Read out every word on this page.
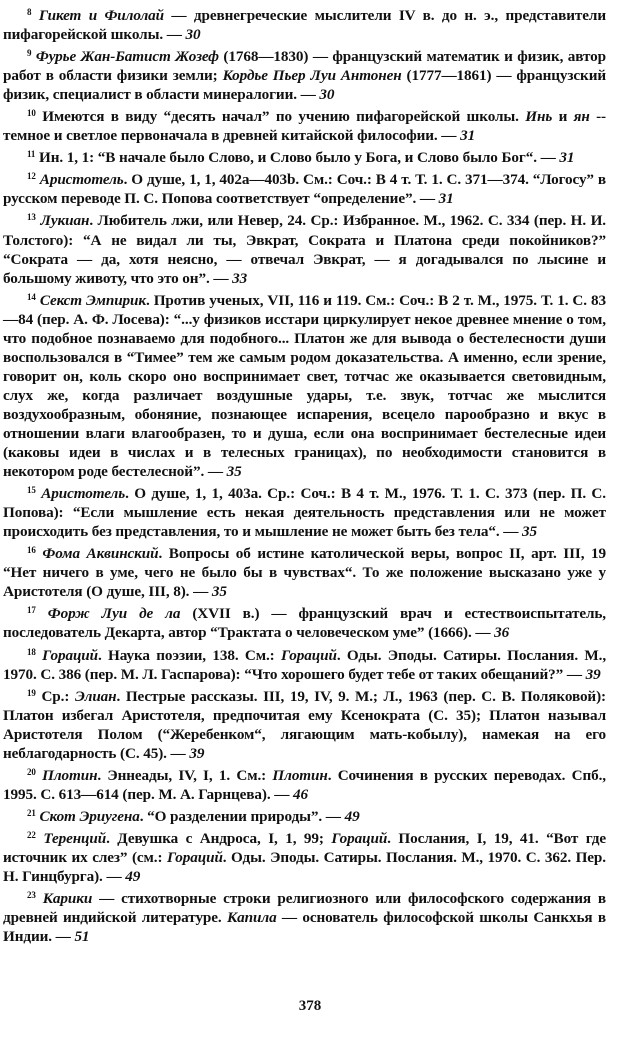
$^8$ Гикет и Филолай — древнегреческие мыслители IV в. до н. э., представители пифагорейской школы. — 30

$^9$ Фурье Жан-Батист Жозеф (1768—1830) — французский математик и физик, автор работ в области физики земли; Кордье Пьер Луи Антонен (1777—1861) — французский физик, специалист в области минералогии. — 30

$^{10}$ Имеются в виду “десять начал” по учению пифагорейской школы. Инь и ян -- темное и светлое первоначала в древней китайской философии. — 31

$^{11}$ Ин. 1, 1: “В начале было Слово, и Слово было у Бога, и Слово было Бог“. — 31

$^{12}$ Аристотель. О душе, 1, 1, 402а—403b. См.: Соч.: В 4 т. Т. 1. С. 371—374. “Логосу” в русском переводе П. С. Попова соответствует “определение”. — 31

$^{13}$ Лукиан. Любитель лжи, или Невер, 24. Ср.: Избранное. М., 1962. С. 334 (пер. Н. И. Толстого): “А не видал ли ты, Эвкрат, Сократа и Платона среди покойников?” “Сократа — да, хотя неясно, — отвечал Эвкрат, — я догадывался по лысине и большому животу, что это он”. — 33

$^{14}$ Секст Эмпирик. Против ученых, VII, 116 и 119. См.: Соч.: В 2 т. М., 1975. Т. 1. С. 83—84 (пер. А. Ф. Лосева): “...у физиков исстари циркулирует некое древнее мнение о том, что подобное познаваемо для подобного... Платон же для вывода о бестелесности души воспользовался в “Тимее” тем же самым родом доказательства. А именно, если зрение, говорит он, коль скоро оно воспринимает свет, тотчас же оказывается световидным, слух же, когда различает воздушные удары, т.е. звук, тотчас же мыслится воздухообразным, обоняние, познающее испарения, всецело парообразно и вкус в отношении влаги влагообразен, то и душа, если она воспринимает бестелесные идеи (каковы идеи в числах и в телесных границах), по необходимости становится в некотором роде бестелесной”. — 35

$^{15}$ Аристотель. О душе, 1, 1, 403а. Ср.: Соч.: В 4 т. М., 1976. Т. 1. С. 373 (пер. П. С. Попова): “Если мышление есть некая деятельность представления или не может происходить без представления, то и мышление не может быть без тела“. — 35

$^{16}$ Фома Аквинский. Вопросы об истине католической веры, вопрос II, арт. III, 19 “Нет ничего в уме, чего не было бы в чувствах“. То же положение высказано уже у Аристотеля (О душе, III, 8). — 35

$^{17}$ Форж Луи де ла (XVII в.) — французский врач и естествоиспытатель, последователь Декарта, автор “Трактата о человеческом уме” (1666). — 36

$^{18}$ Гораций. Наука поэзии, 138. См.: Гораций. Оды. Эподы. Сатиры. Послания. М., 1970. С. 386 (пер. М. Л. Гаспарова): “Что хорошего будет тебе от таких обещаний?” — 39

$^{19}$ Ср.: Элиан. Пестрые рассказы. III, 19, IV, 9. М.; Л., 1963 (пер. С. В. Поляковой): Платон избегал Аристотеля, предпочитая ему Ксенократа (С. 35); Платон называл Аристотеля Полом (“Жеребенком“, лягающим мать-кобылу), намекая на его неблагодарность (С. 45). — 39

$^{20}$ Плотин. Эннеады, IV, I, 1. См.: Плотин. Сочинения в русских переводах. Спб., 1995. С. 613—614 (пер. М. А. Гарнцева). — 46

$^{21}$ Скот Эриугена. “О разделении природы”. — 49

$^{22}$ Теренций. Девушка с Андроса, I, 1, 99; Гораций. Послания, I, 19, 41. “Вот где источник их слез” (см.: Гораций. Оды. Эподы. Сатиры. Послания. М., 1970. С. 362. Пер. Н. Гинцбурга). — 49

$^{23}$ Карики — стихотворные строки религиозного или философского содержания в древней индийской литературе. Капила — основатель философской школы Санкхья в Индии. — 51

378
